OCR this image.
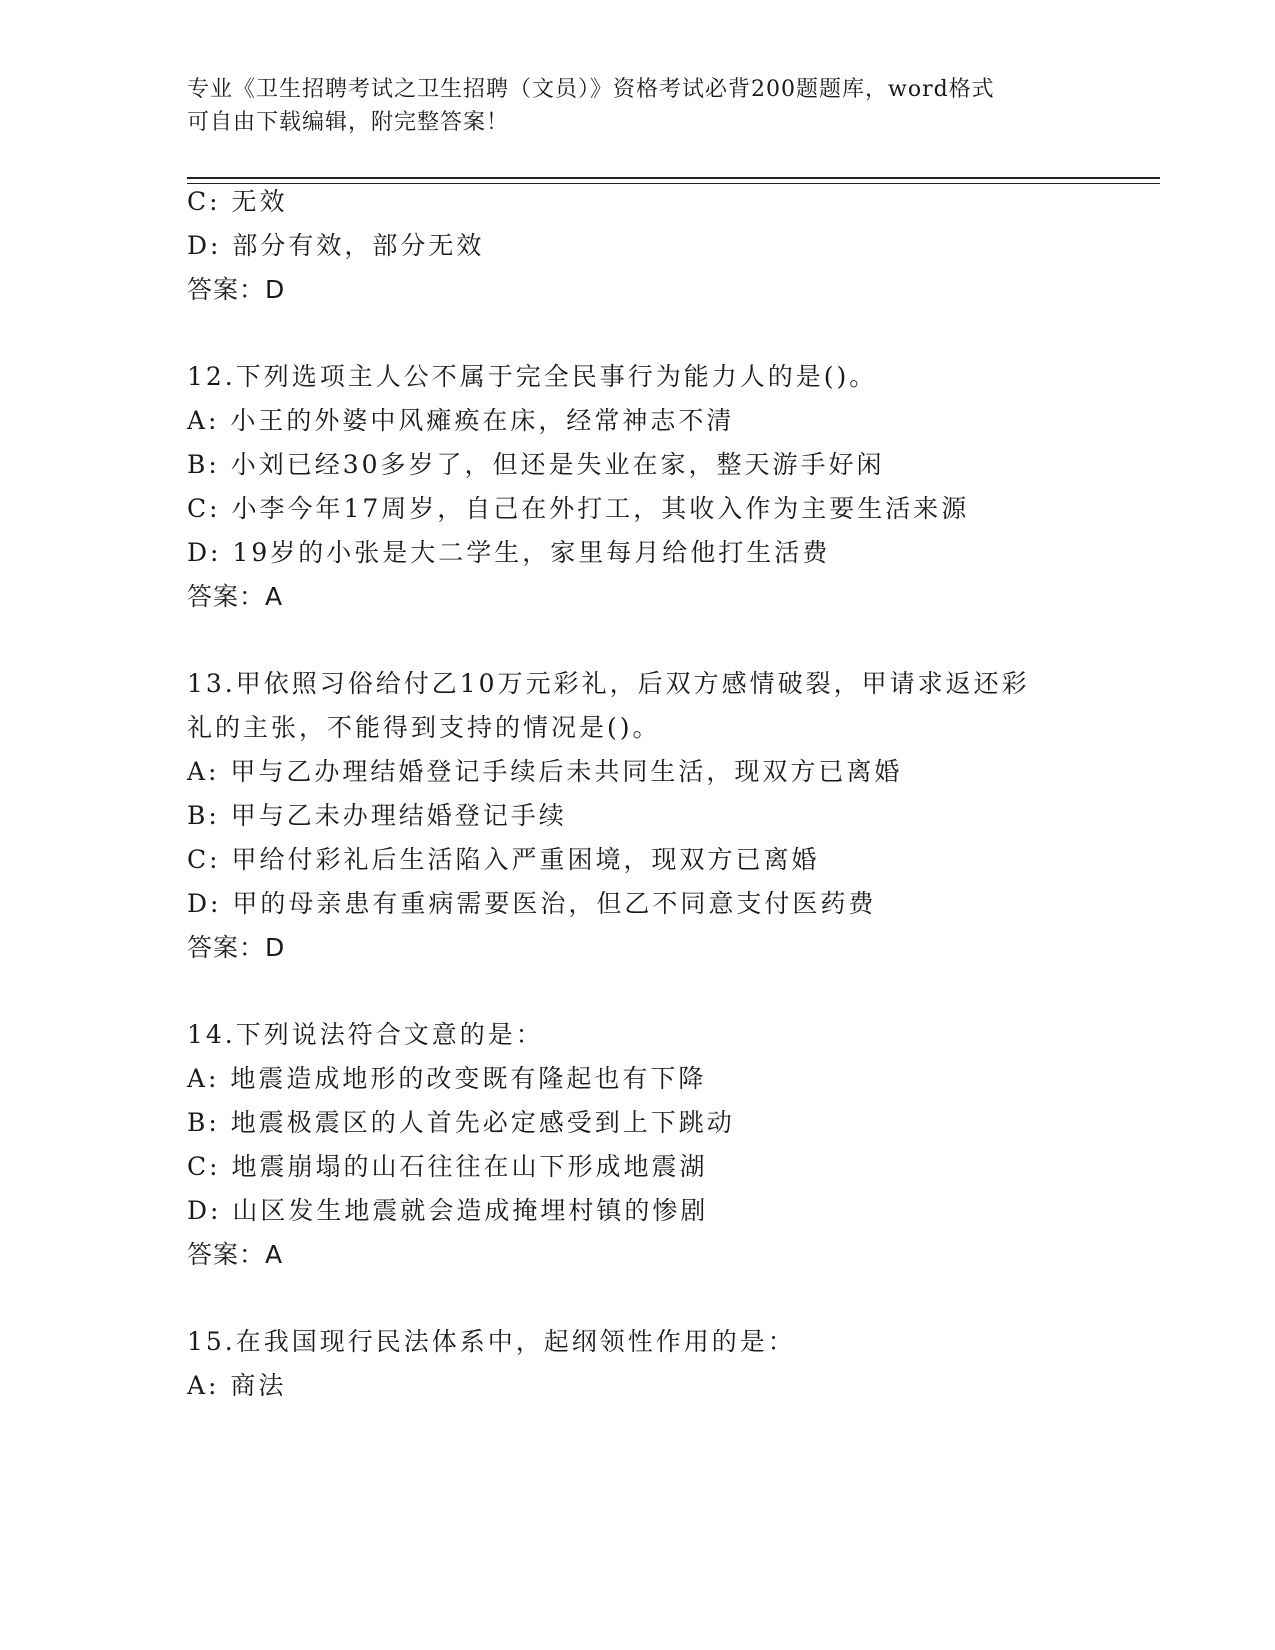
专业《卫生招聘考试之卫生招聘（文员）》资格考试必背200题题库，word格式
可自由下载编辑，附完整答案！
C: 无效
D: 部分有效，部分无效
答案：D
12.下列选项主人公不属于完全民事行为能力人的是()。
A: 小王的外婆中风瘫痪在床，经常神志不清
B: 小刘已经30多岁了，但还是失业在家，整天游手好闲
C: 小李今年17周岁，自己在外打工，其收入作为主要生活来源
D: 19岁的小张是大二学生，家里每月给他打生活费
答案：A
13.甲依照习俗给付乙10万元彩礼，后双方感情破裂，甲请求返还彩
礼的主张，不能得到支持的情况是()。
A: 甲与乙办理结婚登记手续后未共同生活，现双方已离婚
B: 甲与乙未办理结婚登记手续
C: 甲给付彩礼后生活陷入严重困境，现双方已离婚
D: 甲的母亲患有重病需要医治，但乙不同意支付医药费
答案：D
14.下列说法符合文意的是：
A: 地震造成地形的改变既有隆起也有下降
B: 地震极震区的人首先必定感受到上下跳动
C: 地震崩塌的山石往往在山下形成地震湖
D: 山区发生地震就会造成掩埋村镇的惨剧
答案：A
15.在我国现行民法体系中，起纲领性作用的是：
A: 商法
